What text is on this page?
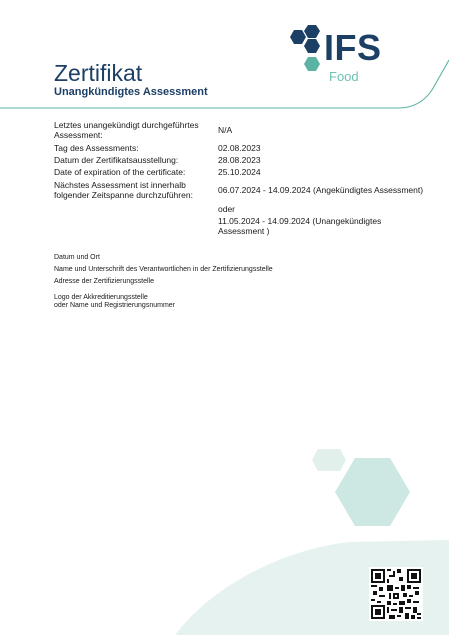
IFS
Food
Zertifikat
Unangkündigtes Assessment
Letztes unangekündigt durchgeführtes Assessment:	N/A
Tag des Assessments:	02.08.2023
Datum der Zertifikatsausstellung:	28.08.2023
Date of expiration of the certificate:	25.10.2024
Nächstes Assessment ist innerhalb folgender Zeitspanne durchzuführen:	06.07.2024 - 14.09.2024 (Angekündigtes Assessment)
oder
11.05.2024 - 14.09.2024 (Unangekündigtes Assessment )
Datum und Ort
Name und Unterschrift des Verantwortlichen in der Zertifizierungsstelle
Adresse der Zertifizierungsstelle
Logo der Akkreditierungsstelle
oder Name und Registrierungsnummer
